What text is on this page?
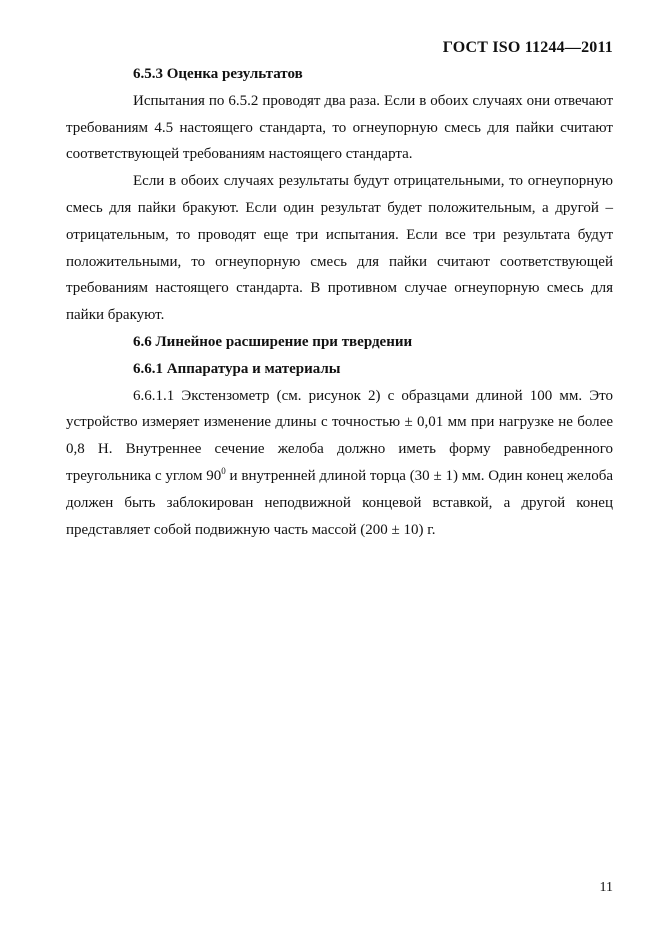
ГОСТ ISO 11244—2011
6.5.3 Оценка результатов

Испытания по 6.5.2 проводят два раза. Если в обоих случаях они отвечают требованиям 4.5 настоящего стандарта, то огнеупорную смесь для пайки считают соответствующей требованиям настоящего стандарта.

Если в обоих случаях результаты будут отрицательными, то огнеупорную смесь для пайки бракуют. Если один результат будет положительным, а другой – отрицательным, то проводят еще три испытания. Если все три результата будут положительными, то огнеупорную смесь для пайки считают соответствующей требованиям настоящего стандарта. В противном случае огнеупорную смесь для пайки бракуют.

6.6 Линейное расширение при твердении
6.6.1 Аппаратура и материалы

6.6.1.1 Экстензометр (см. рисунок 2) с образцами длиной 100 мм. Это устройство измеряет изменение длины с точностью ± 0,01 мм при нагрузке не более 0,8 Н. Внутреннее сечение желоба должно иметь форму равнобедренного треугольника с углом $90^0$ и внутренней длиной торца (30 ± 1) мм. Один конец желоба должен быть заблокирован неподвижной концевой вставкой, а другой конец представляет собой подвижную часть массой (200 ± 10) г.

11
